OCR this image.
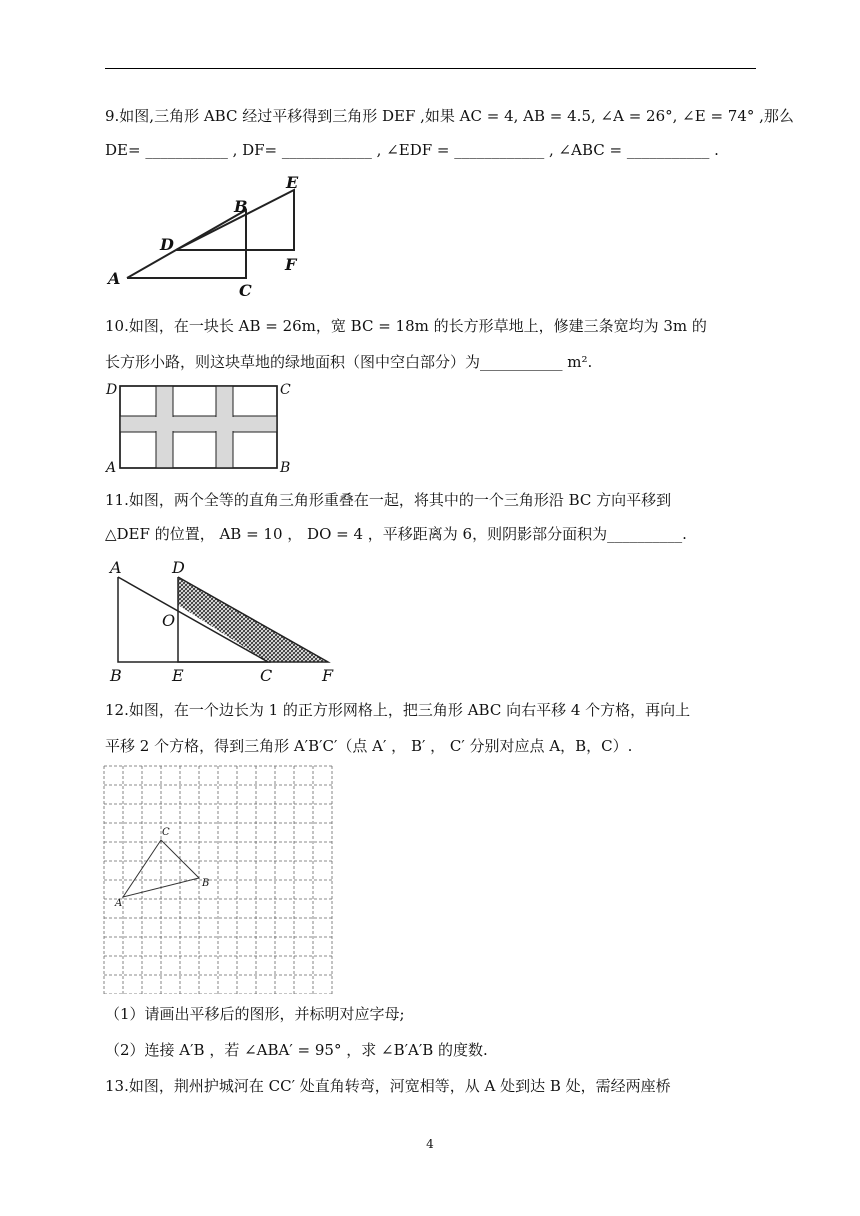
9.如图,三角形 ABC 经过平移得到三角形 DEF ,如果 AC = 4, AB = 4.5, ∠A = 26°, ∠E = 74° ,那么
DE= ___________ , DF= ____________ , ∠EDF = ____________ , ∠ABC = ___________ .
A
B
C
D
E
F
10.如图，在一块长 AB = 26m，宽 BC = 18m 的长方形草地上，修建三条宽均为 3m 的
长方形小路，则这块草地的绿地面积（图中空白部分）为___________ m².
D	C
A	B
11.如图，两个全等的直角三角形重叠在一起，将其中的一个三角形沿 BC 方向平移到
△DEF 的位置， AB = 10 ， DO = 4 ，平移距离为 6，则阴影部分面积为__________.
A	D
O
B	E	C	F
12.如图，在一个边长为 1 的正方形网格上，把三角形 ABC 向右平移 4 个方格，再向上
平移 2 个方格，得到三角形 A′B′C′（点 A′ ， B′ ， C′ 分别对应点 A，B，C）.
A
B
C
（1）请画出平移后的图形，并标明对应字母;
（2）连接 A′B ，若 ∠ABA′ = 95° ，求 ∠B′A′B 的度数.
13.如图，荆州护城河在 CC′ 处直角转弯，河宽相等，从 A 处到达 B 处，需经两座桥
4
